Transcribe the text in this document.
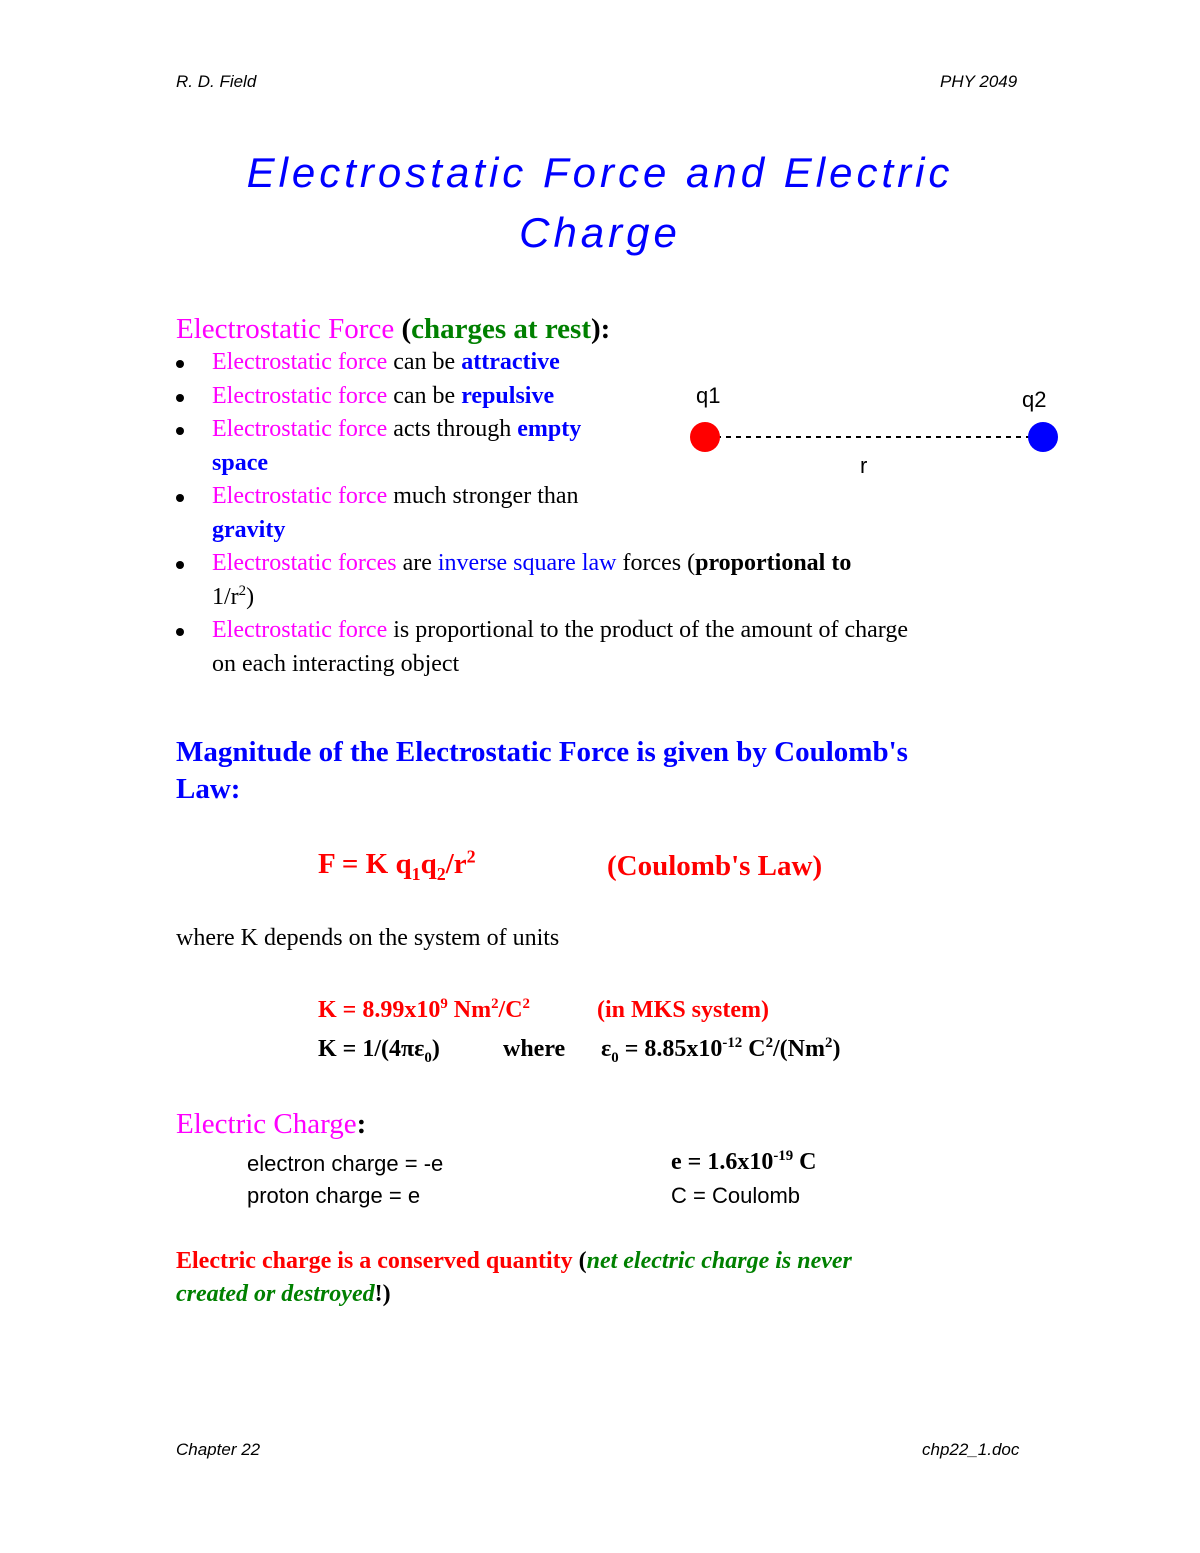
R. D. Field	PHY 2049
Electrostatic Force and Electric
Charge
Electrostatic Force (charges at rest):
Electrostatic force can be attractive
Electrostatic force can be repulsive
Electrostatic force acts through empty
space
Electrostatic force much stronger than
gravity
Electrostatic forces are inverse square law forces (proportional to
$1/r^2$)
Electrostatic force is proportional to the product of the amount of charge
on each interacting object
q1	q2
r
Magnitude of the Electrostatic Force is given by Coulomb's
Law:
F = K $q_1q_2/r^2$	(Coulomb's Law)
where K depends on the system of units
$K = 8.99x10^9$ $Nm^2/C^2$	(in MKS system)
$K = 1/(4\pi\varepsilon_0)$	where $\varepsilon_0 = 8.85x10^{-12}$ $C^2/(Nm^2)$
Electric Charge:
electron charge = -e	$e = 1.6x10^{-19}$ C
proton charge = e	C = Coulomb
Electric charge is a conserved quantity (net electric charge is never
created or destroyed!)
Chapter 22	chp22_1.doc
